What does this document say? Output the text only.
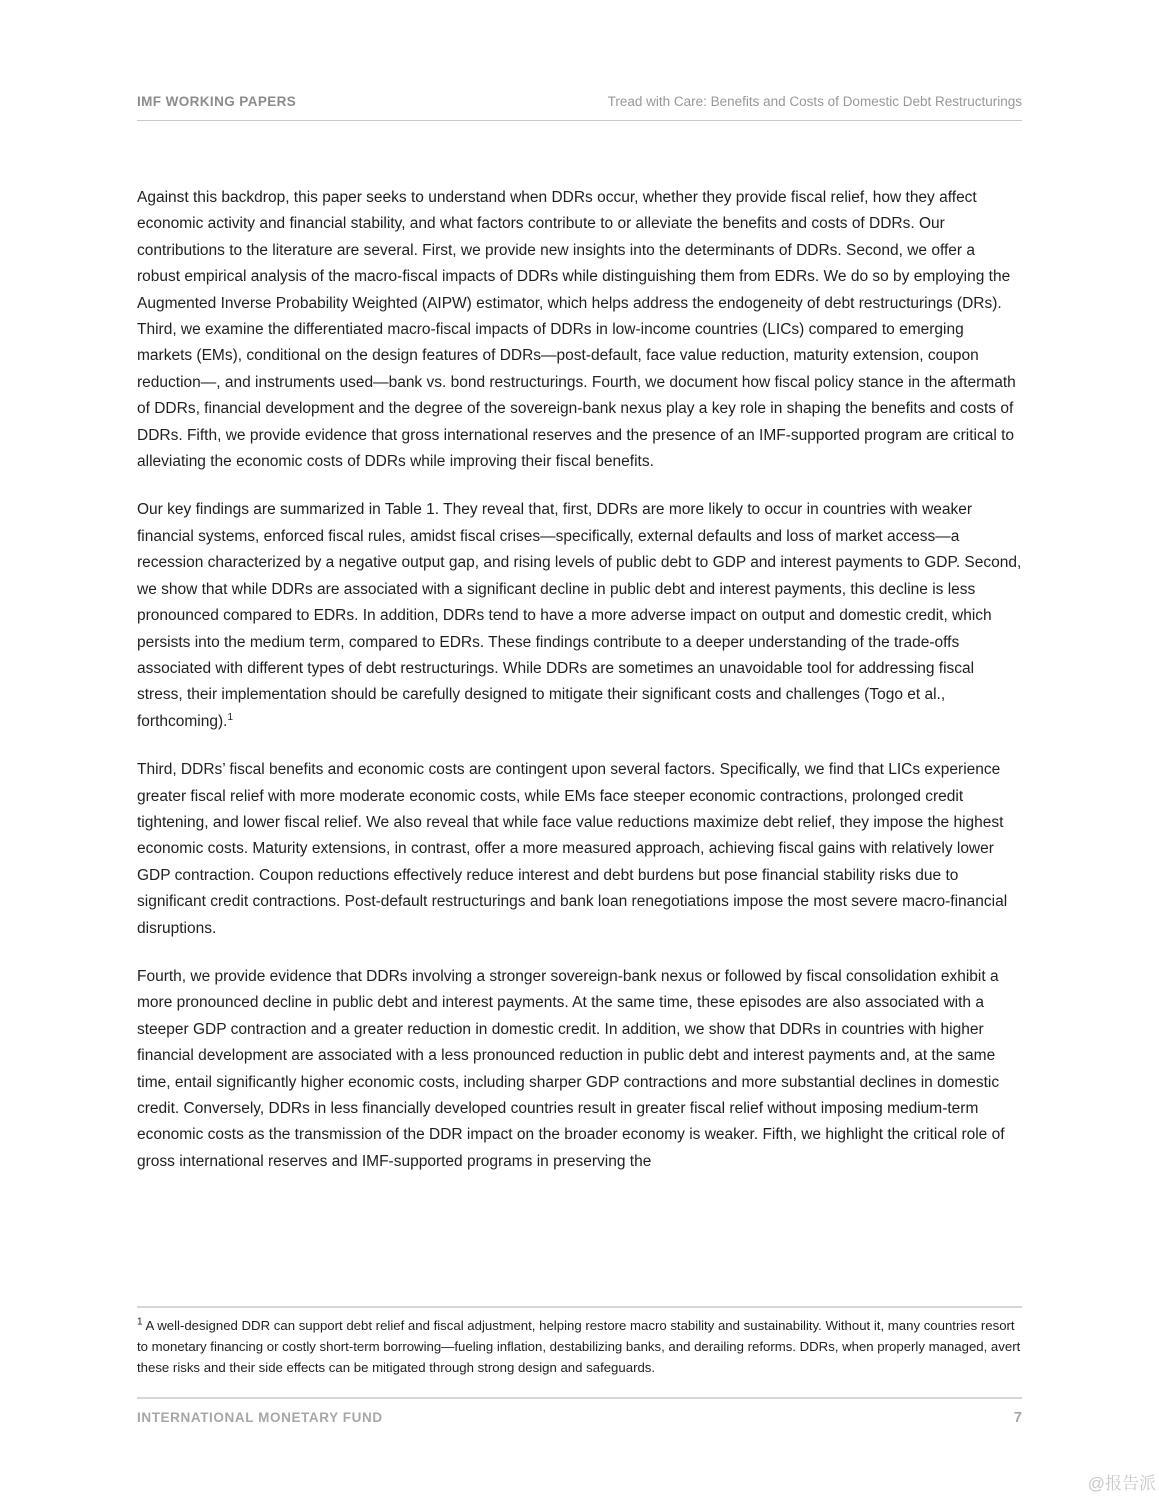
IMF WORKING PAPERS	Tread with Care: Benefits and Costs of Domestic Debt Restructurings

Against this backdrop, this paper seeks to understand when DDRs occur, whether they provide fiscal relief, how they affect economic activity and financial stability, and what factors contribute to or alleviate the benefits and costs of DDRs. Our contributions to the literature are several. First, we provide new insights into the determinants of DDRs. Second, we offer a robust empirical analysis of the macro-fiscal impacts of DDRs while distinguishing them from EDRs. We do so by employing the Augmented Inverse Probability Weighted (AIPW) estimator, which helps address the endogeneity of debt restructurings (DRs). Third, we examine the differentiated macro-fiscal impacts of DDRs in low-income countries (LICs) compared to emerging markets (EMs), conditional on the design features of DDRs—post-default, face value reduction, maturity extension, coupon reduction—, and instruments used—bank vs. bond restructurings. Fourth, we document how fiscal policy stance in the aftermath of DDRs, financial development and the degree of the sovereign-bank nexus play a key role in shaping the benefits and costs of DDRs. Fifth, we provide evidence that gross international reserves and the presence of an IMF-supported program are critical to alleviating the economic costs of DDRs while improving their fiscal benefits.

Our key findings are summarized in Table 1. They reveal that, first, DDRs are more likely to occur in countries with weaker financial systems, enforced fiscal rules, amidst fiscal crises—specifically, external defaults and loss of market access—a recession characterized by a negative output gap, and rising levels of public debt to GDP and interest payments to GDP. Second, we show that while DDRs are associated with a significant decline in public debt and interest payments, this decline is less pronounced compared to EDRs. In addition, DDRs tend to have a more adverse impact on output and domestic credit, which persists into the medium term, compared to EDRs. These findings contribute to a deeper understanding of the trade-offs associated with different types of debt restructurings. While DDRs are sometimes an unavoidable tool for addressing fiscal stress, their implementation should be carefully designed to mitigate their significant costs and challenges (Togo et al., forthcoming).$^1$

Third, DDRs’ fiscal benefits and economic costs are contingent upon several factors. Specifically, we find that LICs experience greater fiscal relief with more moderate economic costs, while EMs face steeper economic contractions, prolonged credit tightening, and lower fiscal relief. We also reveal that while face value reductions maximize debt relief, they impose the highest economic costs. Maturity extensions, in contrast, offer a more measured approach, achieving fiscal gains with relatively lower GDP contraction. Coupon reductions effectively reduce interest and debt burdens but pose financial stability risks due to significant credit contractions. Post-default restructurings and bank loan renegotiations impose the most severe macro-financial disruptions.

Fourth, we provide evidence that DDRs involving a stronger sovereign-bank nexus or followed by fiscal consolidation exhibit a more pronounced decline in public debt and interest payments. At the same time, these episodes are also associated with a steeper GDP contraction and a greater reduction in domestic credit. In addition, we show that DDRs in countries with higher financial development are associated with a less pronounced reduction in public debt and interest payments and, at the same time, entail significantly higher economic costs, including sharper GDP contractions and more substantial declines in domestic credit. Conversely, DDRs in less financially developed countries result in greater fiscal relief without imposing medium-term economic costs as the transmission of the DDR impact on the broader economy is weaker. Fifth, we highlight the critical role of gross international reserves and IMF-supported programs in preserving the

$^1$ A well-designed DDR can support debt relief and fiscal adjustment, helping restore macro stability and sustainability. Without it, many countries resort to monetary financing or costly short-term borrowing—fueling inflation, destabilizing banks, and derailing reforms. DDRs, when properly managed, avert these risks and their side effects can be mitigated through strong design and safeguards.
INTERNATIONAL MONETARY FUND	7
@报告派
